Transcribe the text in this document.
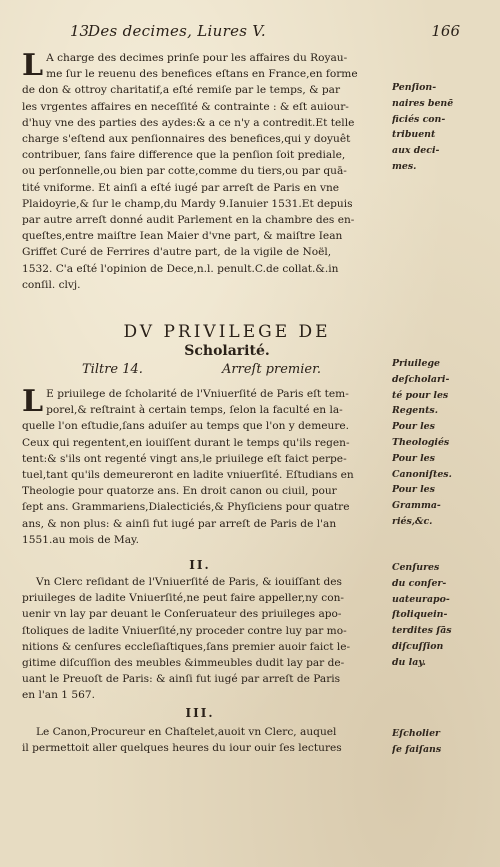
13
Des decimes, Liures V.	166
L A charge des decimes prinſe pour les affaires du Royau-
me ſur le reuenu des benefices eſtans en France,en forme
de don & ottroy charitatif,a eſté remiſe par le temps, & par
les vrgentes affaires en neceſſité & contrainte : & eſt auiour-
d'huy vne des parties des aydes:& a ce n'y a contredit.Et telle
charge s'eſtend aux penſionnaires des benefices,qui y doyuêt
contribuer, ſans faire difference que la penſion ſoit prediale,
ou perſonnelle,ou bien par cotte,comme du tiers,ou par quā-
tité vniforme. Et ainſi a eſté iugé par arreſt de Paris en vne
Plaidoyrie,& ſur le champ,du Mardy 9.Ianuier 1531.Et depuis
par autre arreſt donné audit Parlement en la chambre des en-
queſtes,entre maiſtre Iean Maier d'vne part, & maiſtre Iean
Griffet Curé de Ferrires d'autre part, de la vigile de Noël,
1532. C'a eſté l'opinion de Dece,n.l. penult.C.de collat.&.in
conſil. clvj.
Penſion-
naires benē
ficiés con-
tribuent
aux deci-
mes.
DV PRIVILEGE DE
Scholarité.
Tiltre 14.	Arreſt premier.
L E priuilege de ſcholarité de l'Vniuerſité de Paris eſt tem-
porel,& reſtraint à certain temps, ſelon la faculté en la-
quelle l'on eſtudie,ſans aduiſer au temps que l'on y demeure.
Ceux qui regentent,en iouiſſent durant le temps qu'ils regen-
tent:& s'ils ont regenté vingt ans,le priuilege eſt faict perpe-
tuel,tant qu'ils demeureront en ladite vniuerſité. Eſtudians en
Theologie pour quatorze ans. En droit canon ou ciuil, pour
ſept ans. Grammariens,Dialecticiés,& Phyſiciens pour quatre
ans, & non plus: & ainſi fut iugé par arreſt de Paris de l'an
1551.au mois de May.
Priuilege
deſcholari-
té pour les
Regents.
Pour les
Theologiés
Pour les
Canoniſtes.
Pour les
Gramma-
riés,&c.
II.
Vn Clerc reſidant de l'Vniuerſité de Paris, & iouiſſant des
priuileges de ladite Vniuerſité,ne peut faire appeller,ny con-
uenir vn lay par deuant le Conſeruateur des priuileges apo-
ſtoliques de ladite Vniuerſité,ny proceder contre luy par mo-
nitions & cenſures eccleſiaſtiques,ſans premier auoir faict le-
gitime diſcuſſion des meubles &immeubles dudit lay par de-
uant le Preuoſt de Paris: & ainſi fut iugé par arreſt de Paris
en l'an 1 567.
Cenſures
du conſer-
uateurapo-
ſtoliquein-
terdites ſās
diſcuſſion
du lay.
III.
Le Canon,Procureur en Chaſtelet,auoit vn Clerc, auquel
il permettoit aller quelques heures du iour ouir ſes lectures
Eſcholier
ſe faiſans
